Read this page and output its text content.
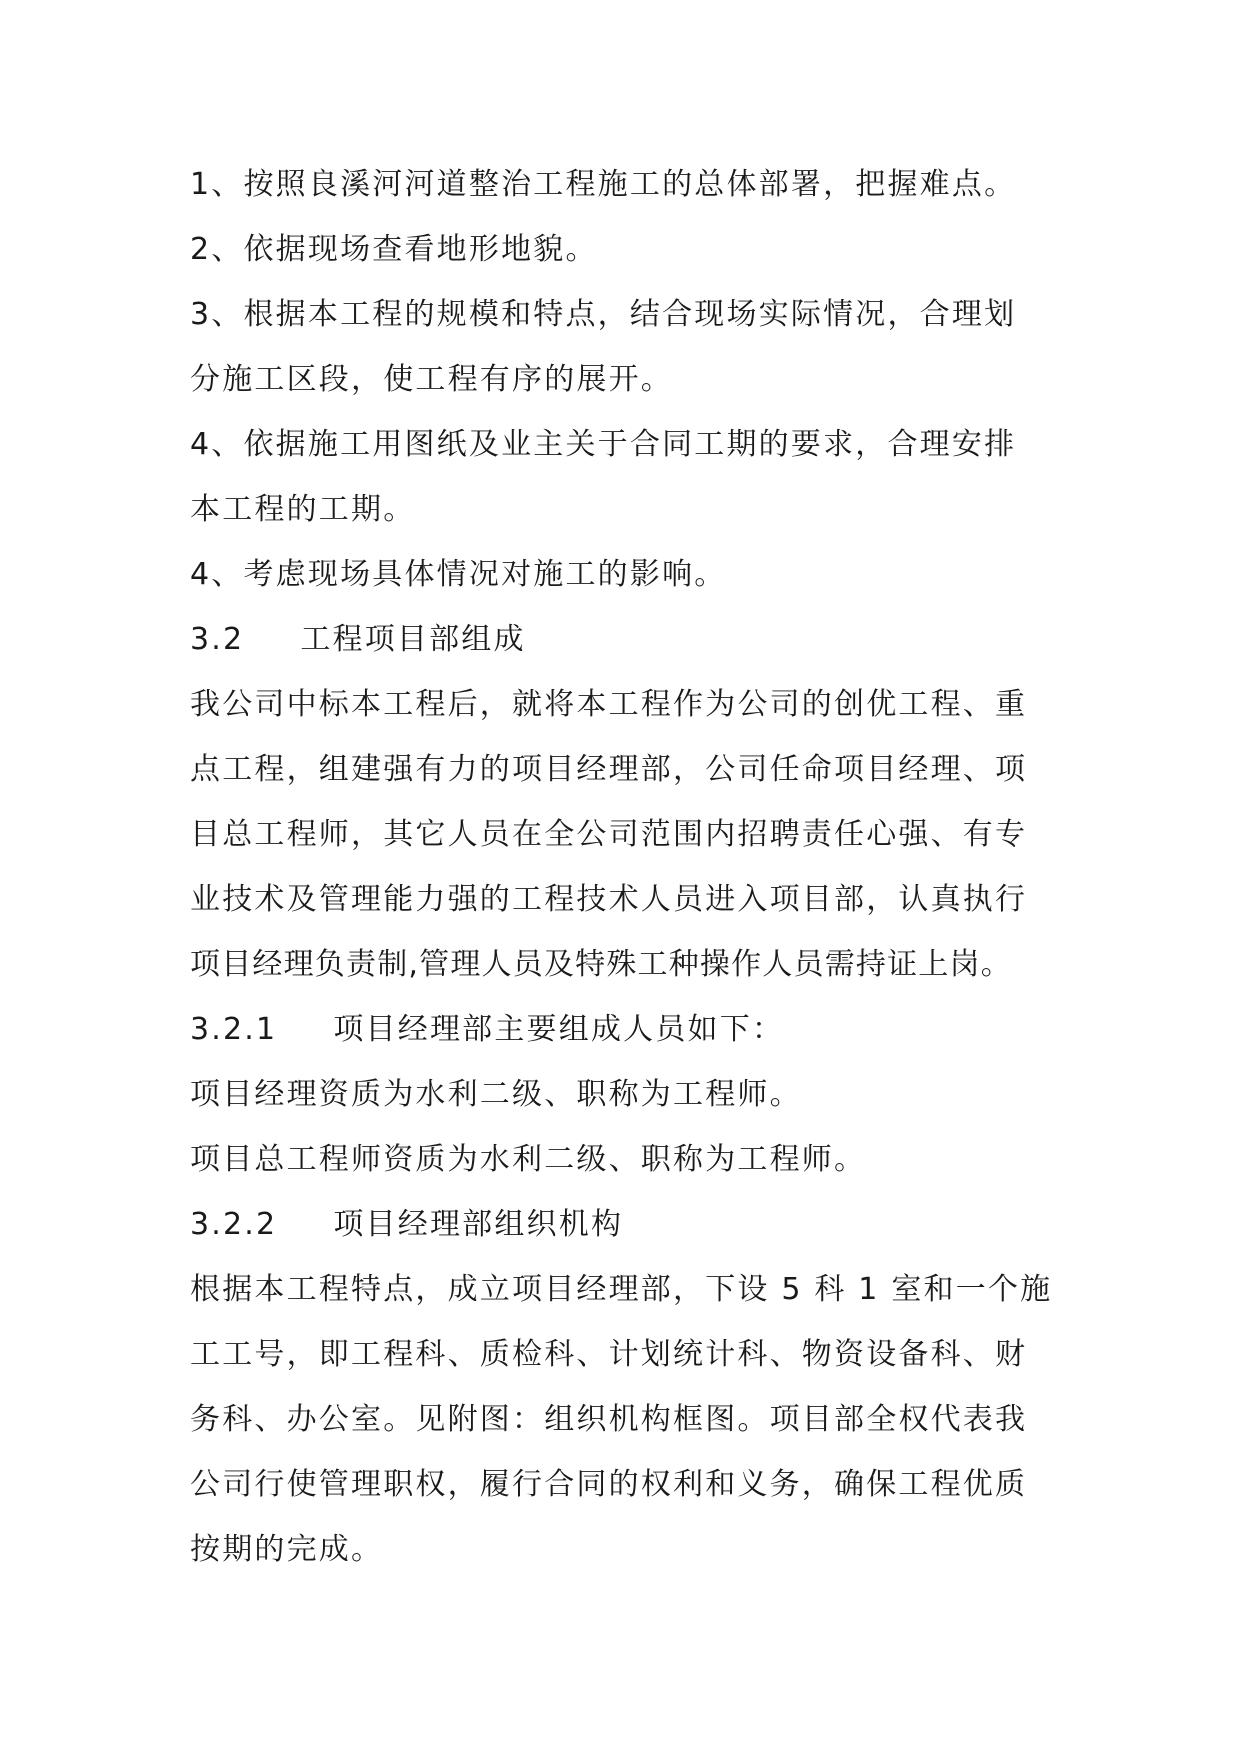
1、按照良溪河河道整治工程施工的总体部署，把握难点。
2、依据现场查看地形地貌。
3、根据本工程的规模和特点，结合现场实际情况，合理划
分施工区段，使工程有序的展开。
4、依据施工用图纸及业主关于合同工期的要求，合理安排
本工程的工期。
4、考虑现场具体情况对施工的影响。
3.2 工程项目部组成
我公司中标本工程后，就将本工程作为公司的创优工程、重
点工程，组建强有力的项目经理部，公司任命项目经理、项
目总工程师，其它人员在全公司范围内招聘责任心强、有专
业技术及管理能力强的工程技术人员进入项目部，认真执行
项目经理负责制,管理人员及特殊工种操作人员需持证上岗。
3.2.1 项目经理部主要组成人员如下：
项目经理资质为水利二级、职称为工程师。
项目总工程师资质为水利二级、职称为工程师。
3.2.2 项目经理部组织机构
根据本工程特点，成立项目经理部，下设 5 科 1 室和一个施
工工号，即工程科、质检科、计划统计科、物资设备科、财
务科、办公室。见附图：组织机构框图。项目部全权代表我
公司行使管理职权，履行合同的权利和义务，确保工程优质
按期的完成。
